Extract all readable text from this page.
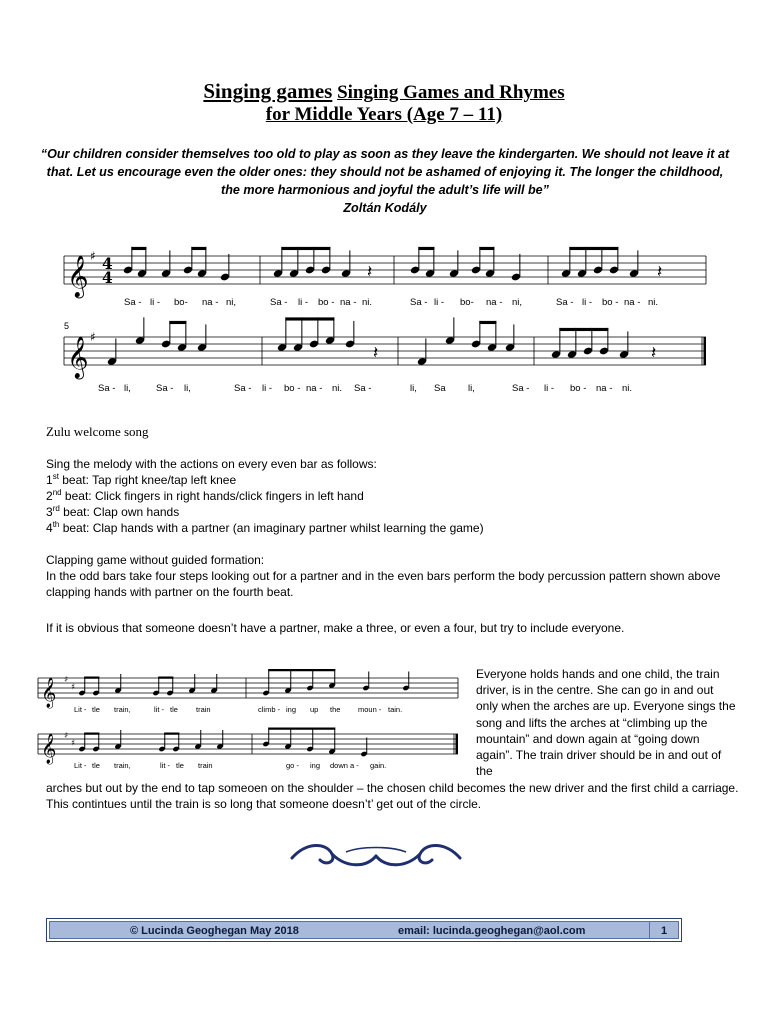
Singing games Singing Games and Rhymes
for Middle Years (Age 7 – 11)
“Our children consider themselves too old to play as soon as they leave the kindergarten. We should not leave it at that. Let us encourage even the older ones: they should not be ashamed of enjoying it. The longer the childhood, the more harmonious and joyful the adult’s life will be”
Zoltán Kodály
𝄞 ♯ 4
4
𝄞 ♯
5
𝄽	𝄽
𝄽	𝄽
Sa - li - bo- na - ni,	Sa - li - bo - na - ni.	Sa - li - bo- na - ni,	Sa - li - bo - na - ni.
Sa - li,	Sa - li,	Sa - li - bo - na - ni. Sa -	li, Sa li,	Sa - li - bo - na - ni.
Zulu welcome song

Sing the melody with the actions on every even bar as follows:

1st beat: Tap right knee/tap left knee

2nd beat: Click fingers in right hands/click fingers in left hand

3rd beat: Clap own hands

4th beat: Clap hands with a partner (an imaginary partner whilst learning the game)

Clapping game without guided formation:

In the odd bars take four steps looking out for a partner and in the even bars perform the body percussion pattern shown above clapping hands with partner on the fourth beat.

If it is obvious that someone doesn’t have a partner, make a three, or even a four, but try to include everyone.

𝄞 ♯
♯
𝄞 ♯
♯
Lit - tle train,	lit - tle train	climb - ing up the moun - tain.
Lit - tle train,	lit - tle train	go - ing down a - gain.
Everyone holds hands and one child, the train driver, is in the centre. She can go in and out only when the arches are up. Everyone sings the song and lifts the arches at “climbing up the mountain” and down again at “going down again”. The train driver should be in and out of the
arches but out by the end to tap someoen on the shoulder – the chosen child becomes the new driver and the first child a carriage. This contintues until the train is so long that someone doesn’t’ get out of the circle.
© Lucinda Geoghegan May 2018	email: lucinda.geoghegan@aol.com	1
